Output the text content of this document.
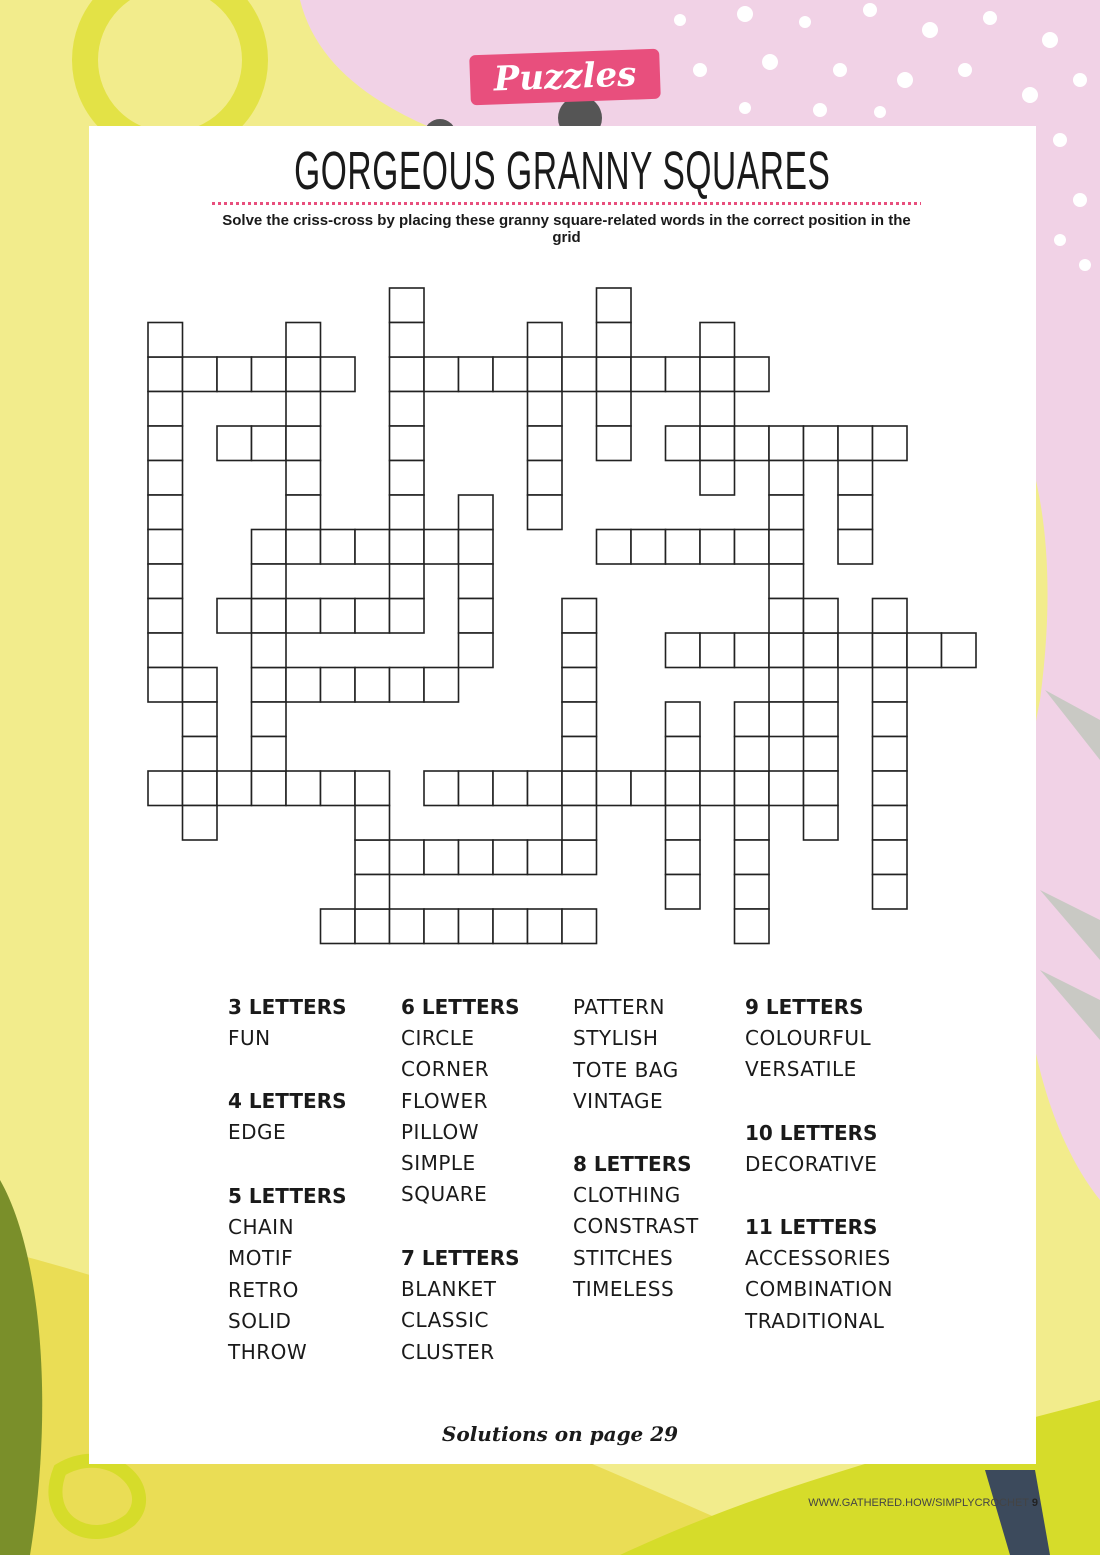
Puzzles
GORGEOUS GRANNY SQUARES
Solve the criss-cross by placing these granny square-related words in the correct position in the grid
3 LETTERS
FUN
4 LETTERS
EDGE
5 LETTERS
CHAIN
MOTIF
RETRO
SOLID
THROW
6 LETTERS
CIRCLE
CORNER
FLOWER
PILLOW
SIMPLE
SQUARE
7 LETTERS
BLANKET
CLASSIC
CLUSTER
PATTERN
STYLISH
TOTE BAG
VINTAGE
8 LETTERS
CLOTHING
CONSTRAST
STITCHES
TIMELESS
9 LETTERS
COLOURFUL
VERSATILE
10 LETTERS
DECORATIVE
11 LETTERS
ACCESSORIES
COMBINATION
TRADITIONAL
Solutions on page 29
WWW.GATHERED.HOW/SIMPLYCROCHET 9
